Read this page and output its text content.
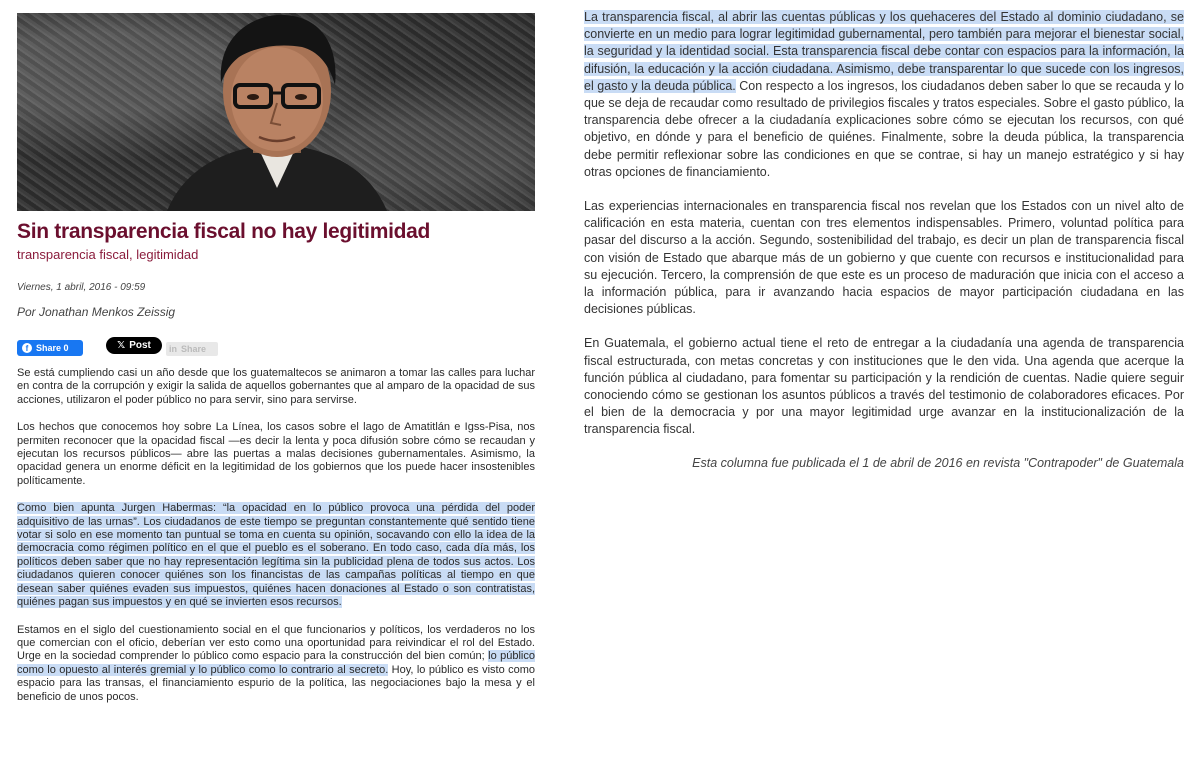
Sin transparencia fiscal no hay legitimidad
transparencia fiscal, legitimidad
Viernes, 1 abril, 2016 - 09:59
Por Jonathan Menkos Zeissig
f Share 0	𝕏 Post in Share

Se está cumpliendo casi un año desde que los guatemaltecos se animaron a tomar las calles para luchar en contra de la corrupción y exigir la salida de aquellos gobernantes que al amparo de la opacidad de sus acciones, utilizaron el poder público no para servir, sino para servirse.

Los hechos que conocemos hoy sobre La Línea, los casos sobre el lago de Amatitlán e Igss-Pisa, nos permiten reconocer que la opacidad fiscal —es decir la lenta y poca difusión sobre cómo se recaudan y ejecutan los recursos públicos— abre las puertas a malas decisiones gubernamentales. Asimismo, la opacidad genera un enorme déficit en la legitimidad de los gobiernos que los puede hacer insostenibles políticamente.

Como bien apunta Jurgen Habermas: “la opacidad en lo público provoca una pérdida del poder adquisitivo de las urnas”. Los ciudadanos de este tiempo se preguntan constantemente qué sentido tiene votar si solo en ese momento tan puntual se toma en cuenta su opinión, socavando con ello la idea de la democracia como régimen político en el que el pueblo es el soberano. En todo caso, cada día más, los políticos deben saber que no hay representación legítima sin la publicidad plena de todos sus actos. Los ciudadanos quieren conocer quiénes son los financistas de las campañas políticas al tiempo en que desean saber quiénes evaden sus impuestos, quiénes hacen donaciones al Estado o son contratistas, quiénes pagan sus impuestos y en qué se invierten esos recursos.

Estamos en el siglo del cuestionamiento social en el que funcionarios y políticos, los verdaderos no los que comercian con el oficio, deberían ver esto como una oportunidad para reivindicar el rol del Estado. Urge en la sociedad comprender lo público como espacio para la construcción del bien común; lo público como lo opuesto al interés gremial y lo público como lo contrario al secreto. Hoy, lo público es visto como espacio para las transas, el financiamiento espurio de la política, las negociaciones bajo la mesa y el beneficio de unos pocos.

La transparencia fiscal, al abrir las cuentas públicas y los quehaceres del Estado al dominio ciudadano, se convierte en un medio para lograr legitimidad gubernamental, pero también para mejorar el bienestar social, la seguridad y la identidad social. Esta transparencia fiscal debe contar con espacios para la información, la difusión, la educación y la acción ciudadana. Asimismo, debe transparentar lo que sucede con los ingresos, el gasto y la deuda pública. Con respecto a los ingresos, los ciudadanos deben saber lo que se recauda y lo que se deja de recaudar como resultado de privilegios fiscales y tratos especiales. Sobre el gasto público, la transparencia debe ofrecer a la ciudadanía explicaciones sobre cómo se ejecutan los recursos, con qué objetivo, en dónde y para el beneficio de quiénes. Finalmente, sobre la deuda pública, la transparencia debe permitir reflexionar sobre las condiciones en que se contrae, si hay un manejo estratégico y si hay otras opciones de financiamiento.

Las experiencias internacionales en transparencia fiscal nos revelan que los Estados con un nivel alto de calificación en esta materia, cuentan con tres elementos indispensables. Primero, voluntad política para pasar del discurso a la acción. Segundo, sostenibilidad del trabajo, es decir un plan de transparencia fiscal con visión de Estado que abarque más de un gobierno y que cuente con recursos e institucionalidad para su ejecución. Tercero, la comprensión de que este es un proceso de maduración que inicia con el acceso a la información pública, para ir avanzando hacia espacios de mayor participación ciudadana en las decisiones públicas.

En Guatemala, el gobierno actual tiene el reto de entregar a la ciudadanía una agenda de transparencia fiscal estructurada, con metas concretas y con instituciones que le den vida. Una agenda que acerque la función pública al ciudadano, para fomentar su participación y la rendición de cuentas. Nadie quiere seguir conociendo cómo se gestionan los asuntos públicos a través del testimonio de colaboradores eficaces. Por el bien de la democracia y por una mayor legitimidad urge avanzar en la institucionalización de la transparencia fiscal.

Esta columna fue publicada el 1 de abril de 2016 en revista "Contrapoder" de Guatemala
